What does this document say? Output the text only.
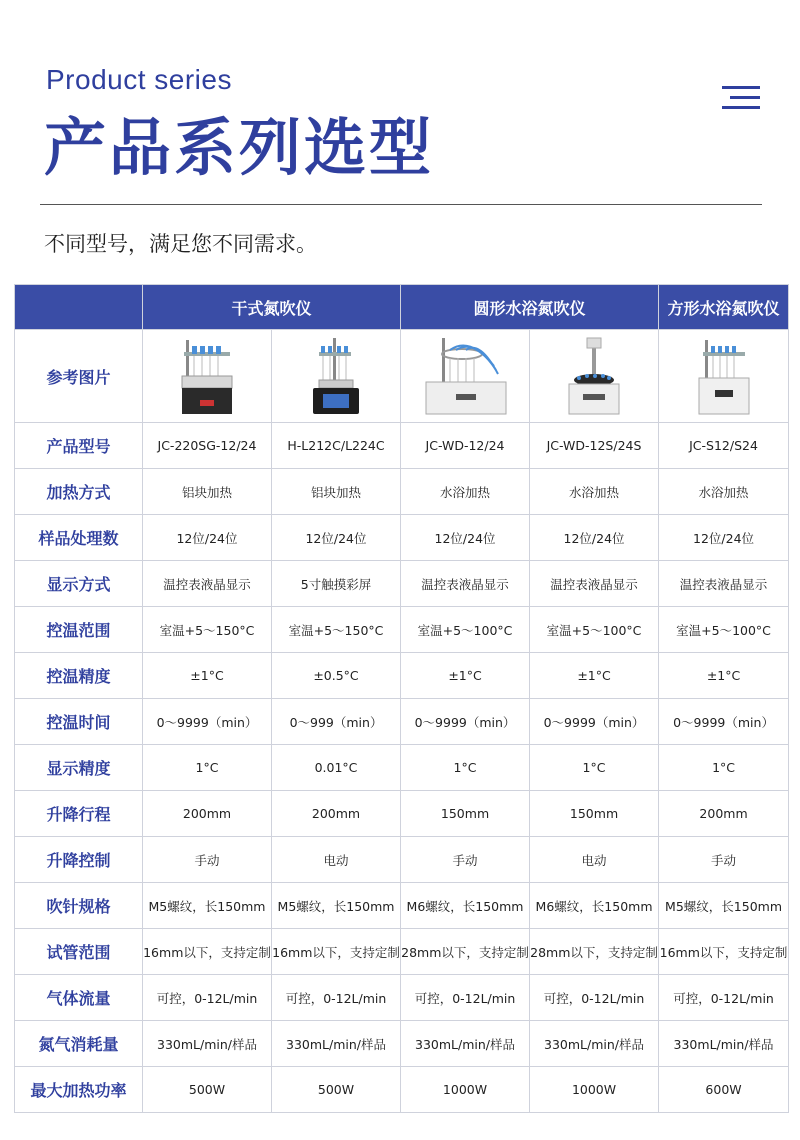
Product series
产品系列选型
不同型号，满足您不同需求。
	干式氮吹仪		圆形水浴氮吹仪		方形水浴氮吹仪
参考图片	

产品型号	JC-220SG-12/24	H-L212C/L224C	JC-WD-12/24	JC-WD-12S/24S	JC-S12/S24
加热方式	铝块加热	铝块加热	水浴加热	水浴加热	水浴加热
样品处理数	12位/24位	12位/24位	12位/24位	12位/24位	12位/24位
显示方式	温控表液晶显示	5寸触摸彩屏	温控表液晶显示	温控表液晶显示	温控表液晶显示
控温范围	室温+5～150°C	室温+5～150°C	室温+5～100°C	室温+5～100°C	室温+5～100°C
控温精度	±1°C	±0.5°C	±1°C	±1°C	±1°C
控温时间	0～9999（min）	0～999（min）	0～9999（min）	0～9999（min）	0～9999（min）
显示精度	1°C	0.01°C	1°C	1°C	1°C
升降行程	200mm	200mm	150mm	150mm	200mm
升降控制	手动	电动	手动	电动	手动
吹针规格	M5螺纹，长150mm	M5螺纹，长150mm	M6螺纹，长150mm	M6螺纹，长150mm	M5螺纹，长150mm
试管范围	16mm以下，支持定制	16mm以下，支持定制	28mm以下，支持定制	28mm以下，支持定制	16mm以下，支持定制
气体流量	可控，0-12L/min	可控，0-12L/min	可控，0-12L/min	可控，0-12L/min	可控，0-12L/min
氮气消耗量	330mL/min/样品	330mL/min/样品	330mL/min/样品	330mL/min/样品	330mL/min/样品
最大加热功率	500W	500W	1000W	1000W	600W
